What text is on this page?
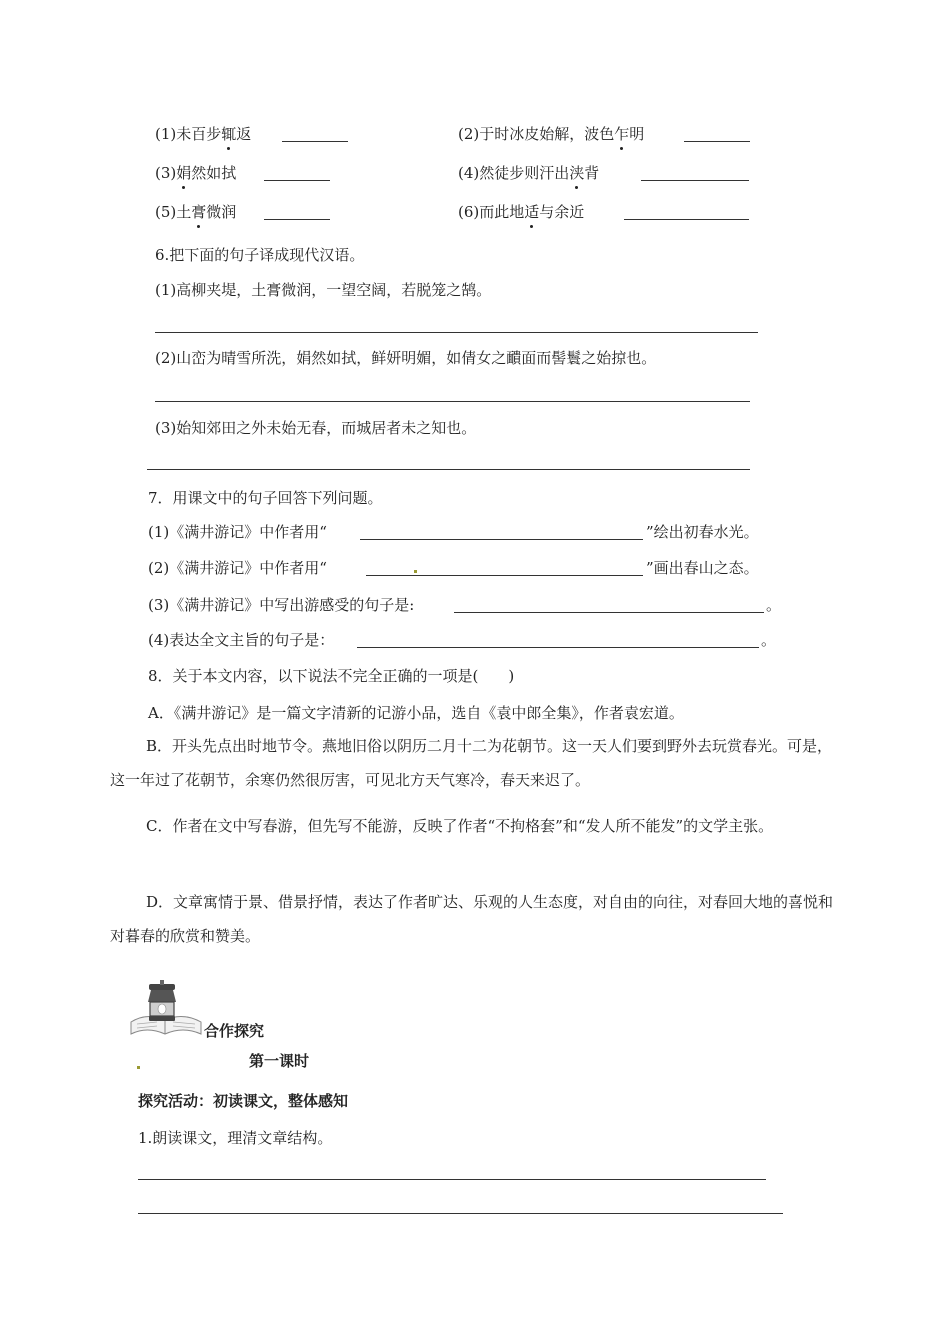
(1)未百步辄返	(2)于时冰皮始解，波色乍明
(3)娟然如拭	(4)然徒步则汗出浃背
(5)土膏微润	(6)而此地适与余近
6.把下面的句子译成现代汉语。
(1)高柳夹堤，土膏微润，一望空阔，若脱笼之鹄。
(2)山峦为晴雪所洗，娟然如拭，鲜妍明媚，如倩女之靧面而髻鬟之始掠也。
(3)始知郊田之外未始无春，而城居者未之知也。
7．用课文中的句子回答下列问题。
(1)《满井游记》中作者用“	”绘出初春水光。
(2)《满井游记》中作者用“	”画出春山之态。
(3)《满井游记》中写出游感受的句子是:	。
(4)表达全文主旨的句子是：	。
8．关于本文内容，以下说法不完全正确的一项是(　　)
A．《满井游记》是一篇文字清新的记游小品，选自《袁中郎全集》，作者袁宏道。
B．开头先点出时地节令。燕地旧俗以阴历二月十二为花朝节。这一天人们要到野外去玩赏春光。可是，这一年过了花朝节，余寒仍然很厉害，可见北方天气寒冷，春天来迟了。
C．作者在文中写春游，但先写不能游，反映了作者“不拘格套”和“发人所不能发”的文学主张。
D．文章寓情于景、借景抒情，表达了作者旷达、乐观的人生态度，对自由的向往，对春回大地的喜悦和对暮春的欣赏和赞美。
合作探究
第一课时
探究活动：初读课文，整体感知
1.朗读课文，理清文章结构。
